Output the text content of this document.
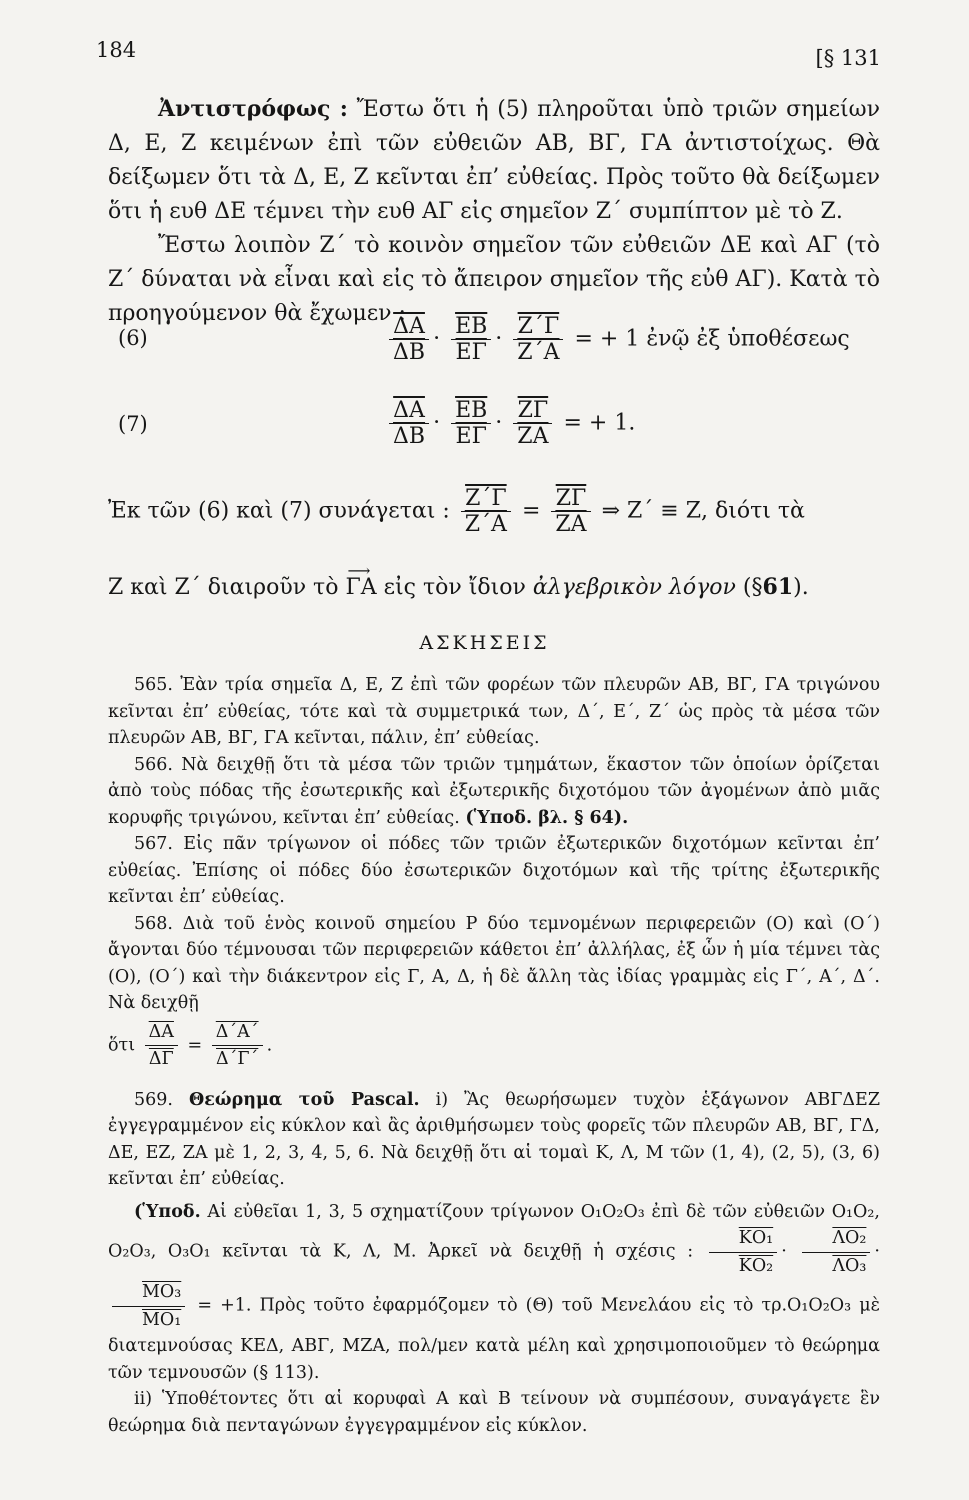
184	[§ 131

Ἀντιστρόφως : Ἔστω ὅτι ἡ (5) πληροῦται ὑπὸ τριῶν σημείων Δ, Ε, Ζ κειμένων ἐπὶ τῶν εὐθειῶν ΑΒ, ΒΓ, ΓΑ ἀντιστοίχως. Θὰ δείξωμεν ὅτι τὰ Δ, Ε, Ζ κεῖνται ἐπ’ εὐθείας. Πρὸς τοῦτο θὰ δείξωμεν ὅτι ἡ ευθ ΔΕ τέμνει τὴν ευθ ΑΓ εἰς σημεῖον Ζ΄ συμπίπτον μὲ τὸ Ζ.

Ἔστω λοιπὸν Ζ΄ τὸ κοινὸν σημεῖον τῶν εὐθειῶν ΔΕ καὶ ΑΓ (τὸ Ζ΄ δύναται νὰ εἶναι καὶ εἰς τὸ ἄπειρον σημεῖον τῆς εὐθ ΑΓ). Κατὰ τὸ προηγούμενον θὰ ἔχωμεν :

(6)	$\frac{\overline{\Delta A}}{\Delta B} \cdot \frac{\overline{EB}}{E\Gamma} \cdot \frac{\overline{Z΄\Gamma}}{Z΄A}$ = + 1 ἐνῷ ἐξ ὑποθέσεως
(7)	$\frac{\overline{\Delta A}}{\Delta B} \cdot \frac{\overline{EB}}{E\Gamma} \cdot \frac{\overline{Z\Gamma}}{ZA}$ = + 1.
Ἐκ τῶν (6) καὶ (7) συνάγεται : $\frac{\overline{Z΄\Gamma}}{Z΄A} = \frac{\overline{Z\Gamma}}{ZA}$ ⇒ Ζ΄ ≡ Ζ, διότι τὰ
Ζ καὶ Ζ΄ διαιροῦν τὸ
⟶
ΓΑ εἰς τὸν ἴδιον ἀλγεβρικὸν λόγον (§61).
ΑΣΚΗΣΕΙΣ

565. Ἐὰν τρία σημεῖα Δ, Ε, Ζ ἐπὶ τῶν φορέων τῶν πλευρῶν ΑΒ, ΒΓ, ΓΑ τριγώνου κεῖνται ἐπ’ εὐθείας, τότε καὶ τὰ συμμετρικά των, Δ΄, Ε΄, Ζ΄ ὡς πρὸς τὰ μέσα τῶν πλευρῶν ΑΒ, ΒΓ, ΓΑ κεῖνται, πάλιν, ἐπ’ εὐθείας.

566. Νὰ δειχθῇ ὅτι τὰ μέσα τῶν τριῶν τμημάτων, ἕκαστον τῶν ὁποίων ὁρίζεται ἀπὸ τοὺς πόδας τῆς ἐσωτερικῆς καὶ ἐξωτερικῆς διχοτόμου τῶν ἀγομένων ἀπὸ μιᾶς κορυφῆς τριγώνου, κεῖνται ἐπ’ εὐθείας. (Ὑποδ. βλ. § 64).

567. Εἰς πᾶν τρίγωνον οἱ πόδες τῶν τριῶν ἐξωτερικῶν διχοτόμων κεῖνται ἐπ’ εὐθείας. Ἐπίσης οἱ πόδες δύο ἐσωτερικῶν διχοτόμων καὶ τῆς τρίτης ἐξωτερικῆς κεῖνται ἐπ’ εὐθείας.

568. Διὰ τοῦ ἑνὸς κοινοῦ σημείου Ρ δύο τεμνομένων περιφερειῶν (Ο) καὶ (Ο΄) ἄγονται δύο τέμνουσαι τῶν περιφερειῶν κάθετοι ἐπ’ ἀλλήλας, ἐξ ὧν ἡ μία τέμνει τὰς (Ο), (Ο΄) καὶ τὴν διάκεντρον εἰς Γ, Α, Δ, ἡ δὲ ἄλλη τὰς ἰδίας γραμμὰς εἰς Γ΄, Α΄, Δ΄. Νὰ δειχθῇ

ὅτι $\frac{\overline{\Delta A}}{\Delta\Gamma} = \frac{\Delta΄A΄}{\Delta΄\Gamma΄}$ .

569. Θεώρημα τοῦ Pascal. i) Ἂς θεωρήσωμεν τυχὸν ἑξάγωνον ΑΒΓΔΕΖ ἐγγεγραμμένον εἰς κύκλον καὶ ἂς ἀριθμήσωμεν τοὺς φορεῖς τῶν πλευρῶν ΑΒ, ΒΓ, ΓΔ, ΔΕ, ΕΖ, ΖΑ μὲ 1, 2, 3, 4, 5, 6. Νὰ δειχθῇ ὅτι αἱ τομαὶ Κ, Λ, Μ τῶν (1, 4), (2, 5), (3, 6) κεῖνται ἐπ’ εὐθείας.

(Ὑποδ. Αἱ εὐθεῖαι 1, 3, 5 σχηματίζουν τρίγωνον Ο₁Ο₂Ο₃ ἐπὶ δὲ τῶν εὐθειῶν Ο₁Ο₂, Ο₂Ο₃, Ο₃Ο₁ κεῖνται τὰ Κ, Λ, Μ. Ἀρκεῖ νὰ δειχθῇ ἡ σχέσις : $\frac{\text{ΚΟ₁}}{\text{ΚΟ₂}} \cdot \frac{\text{ΛΟ₂}}{\text{ΛΟ₃}}$ ·
$\frac{\text{ΜΟ₃}}{\text{ΜΟ₁}} = +1$. Πρὸς τοῦτο ἐφαρμόζομεν τὸ (Θ) τοῦ Μενελάου εἰς τὸ τρ.Ο₁Ο₂Ο₃ μὲ διατεμνούσας ΚΕΔ, ΑΒΓ, ΜΖΑ, πολ/μεν κατὰ μέλη καὶ χρησιμοποιοῦμεν τὸ θεώρημα τῶν τεμνουσῶν (§ 113).

ii) Ὑποθέτοντες ὅτι αἱ κορυφαὶ Α καὶ Β τείνουν νὰ συμπέσουν, συναγάγετε ἓν θεώρημα διὰ πενταγώνων ἐγγεγραμμένον εἰς κύκλον.
